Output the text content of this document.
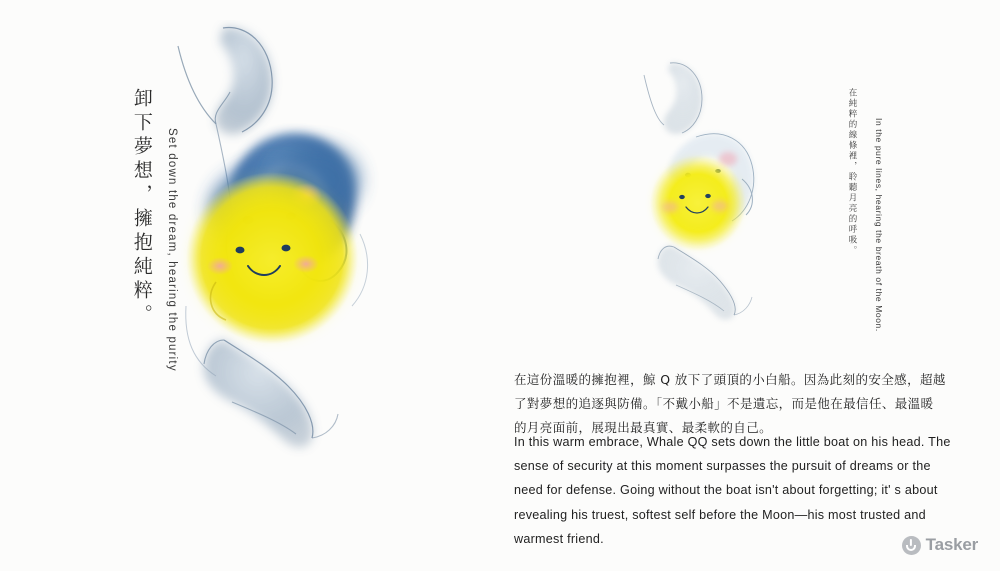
卸下夢想，擁抱純粹。 Set down the dream, hearing the purity	在純粹的線條裡，聆聽月亮的呼吸。 In the pure lines, hearing the breath of the Moon.
在這份溫暖的擁抱裡，鯨 Q 放下了頭頂的小白船。因為此刻的安全感，超越了對夢想的追逐與防備。「不戴小船」不是遺忘，而是他在最信任、最溫暖的月亮面前，展現出最真實、最柔軟的自己。
In this warm embrace, Whale QQ sets down the little boat on his head. The sense of security at this moment surpasses the pursuit of dreams or the need for defense. Going without the boat isn't about forgetting; it' s about revealing his truest, softest self before the Moon—his most trusted and warmest friend.	Tasker
